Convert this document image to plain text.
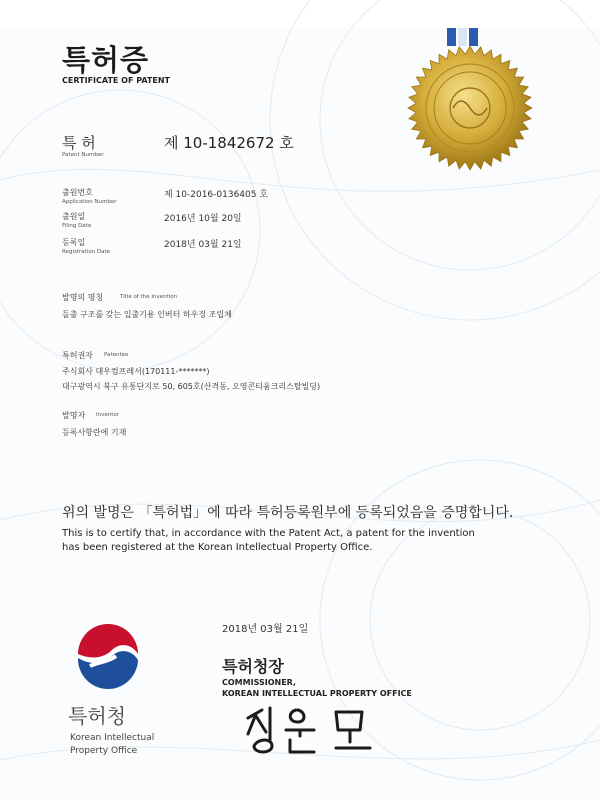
특허증
CERTIFICATE OF PATENT
특 허
Patent Number
제 10-1842672 호
출원번호
Application Number
제 10-2016-0136405 호
출원일
Filing Date
2016년 10월 20일
등록일
Registration Date
2018년 03월 21일
발명의 명칭	Title of the Invention
돌출 구조를 갖는 입출기용 인버터 하우징 조립체
특허권자 Patentee
주식회사 대우컴프레서(170111-*******)
대구광역시 북구 유통단지로 50, 605호(산격동, 오영콘티움크리스탈빌딩)
발명자 Inventor
등록사항란에 기재
위의 발명은 「특허법」에 따라 특허등록원부에 등록되었음을 증명합니다.
This is to certify that, in accordance with the Patent Act, a patent for the invention
has been registered at the Korean Intellectual Property Office.
2018년 03월 21일
특허청장
COMMISSIONER,
KOREAN INTELLECTUAL PROPERTY OFFICE
특허청
Korean Intellectual
Property Office
